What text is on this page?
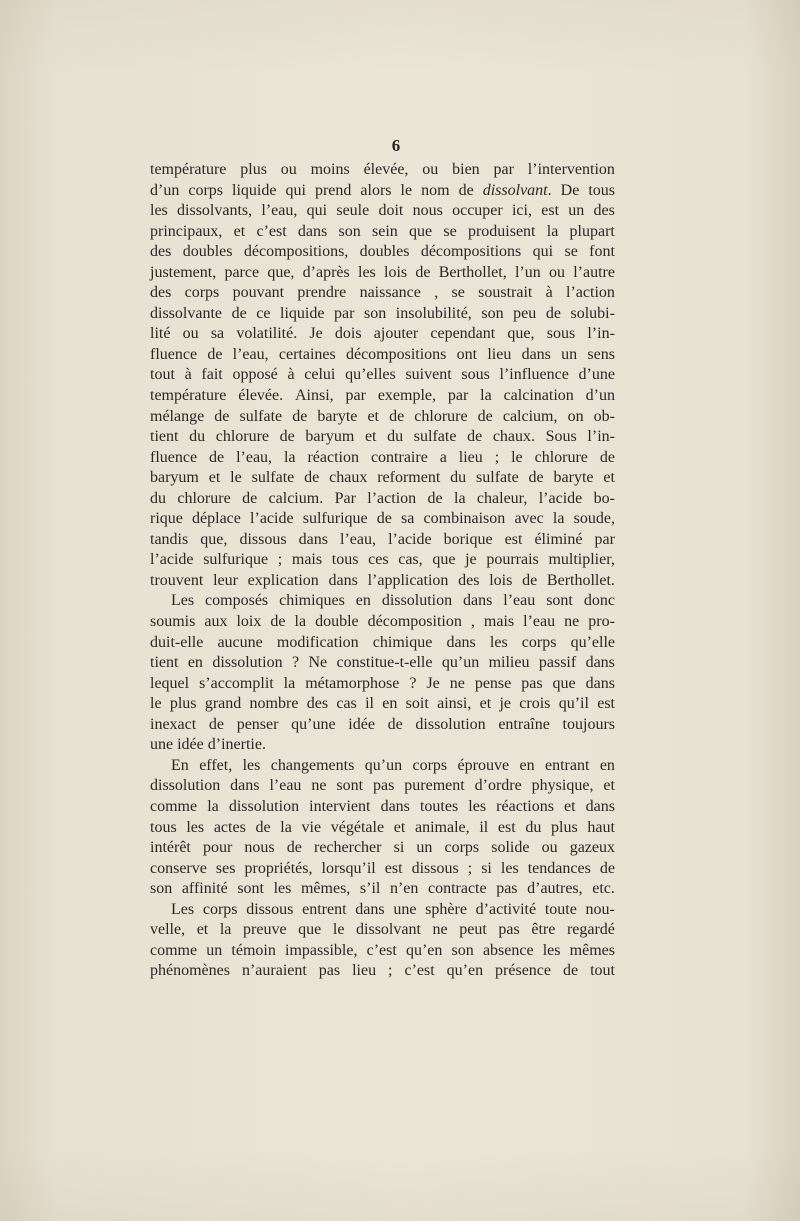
6
température plus ou moins élevée, ou bien par l’intervention
d’un corps liquide qui prend alors le nom de dissolvant. De tous
les dissolvants, l’eau, qui seule doit nous occuper ici, est un des
principaux, et c’est dans son sein que se produisent la plupart
des doubles décompositions, doubles décompositions qui se font
justement, parce que, d’après les lois de Berthollet, l’un ou l’autre
des corps pouvant prendre naissance , se soustrait à l’action
dissolvante de ce liquide par son insolubilité, son peu de solubi-
lité ou sa volatilité. Je dois ajouter cependant que, sous l’in-
fluence de l’eau, certaines décompositions ont lieu dans un sens
tout à fait opposé à celui qu’elles suivent sous l’influence d’une
température élevée. Ainsi, par exemple, par la calcination d’un
mélange de sulfate de baryte et de chlorure de calcium, on ob-
tient du chlorure de baryum et du sulfate de chaux. Sous l’in-
fluence de l’eau, la réaction contraire a lieu ; le chlorure de
baryum et le sulfate de chaux reforment du sulfate de baryte et
du chlorure de calcium. Par l’action de la chaleur, l’acide bo-
rique déplace l’acide sulfurique de sa combinaison avec la soude,
tandis que, dissous dans l’eau, l’acide borique est éliminé par
l’acide sulfurique ; mais tous ces cas, que je pourrais multiplier,
trouvent leur explication dans l’application des lois de Berthollet.
Les composés chimiques en dissolution dans l’eau sont donc
soumis aux loix de la double décomposition , mais l’eau ne pro-
duit-elle aucune modification chimique dans les corps qu’elle
tient en dissolution ? Ne constitue-t-elle qu’un milieu passif dans
lequel s’accomplit la métamorphose ? Je ne pense pas que dans
le plus grand nombre des cas il en soit ainsi, et je crois qu’il est
inexact de penser qu’une idée de dissolution entraîne toujours
une idée d’inertie.
En effet, les changements qu’un corps éprouve en entrant en
dissolution dans l’eau ne sont pas purement d’ordre physique, et
comme la dissolution intervient dans toutes les réactions et dans
tous les actes de la vie végétale et animale, il est du plus haut
intérêt pour nous de rechercher si un corps solide ou gazeux
conserve ses propriétés, lorsqu’il est dissous ; si les tendances de
son affinité sont les mêmes, s’il n’en contracte pas d’autres, etc.
Les corps dissous entrent dans une sphère d’activité toute nou-
velle, et la preuve que le dissolvant ne peut pas être regardé
comme un témoin impassible, c’est qu’en son absence les mêmes
phénomènes n’auraient pas lieu ; c’est qu’en présence de tout
